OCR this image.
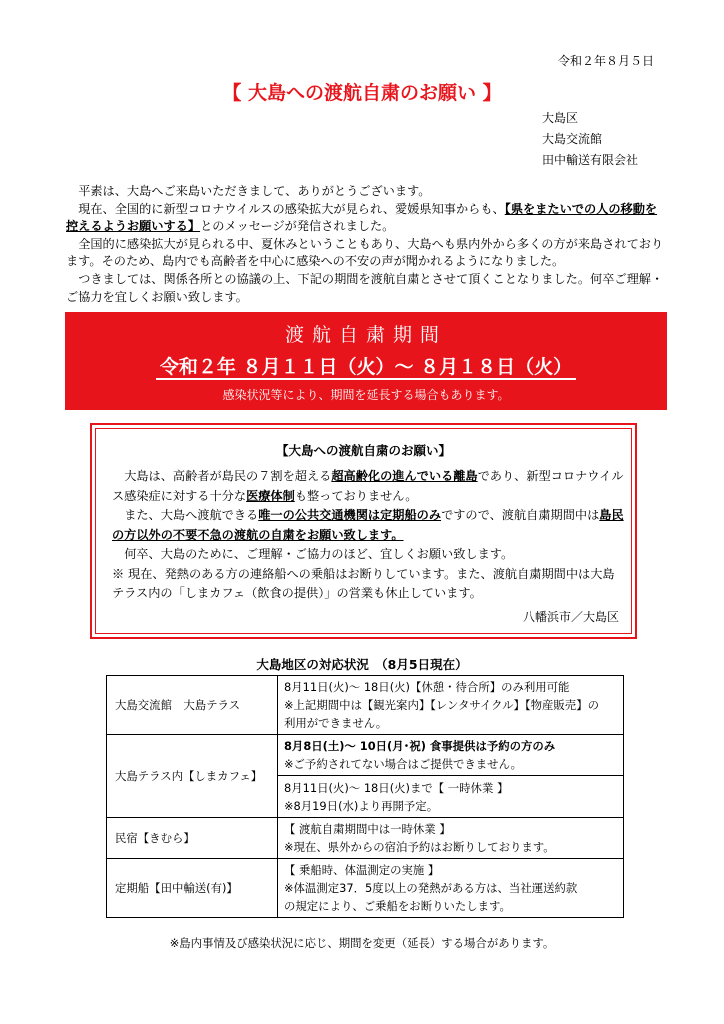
令和２年８月５日
【 大島への渡航自粛のお願い 】
大島区
大島交流館
田中輸送有限会社

平素は、大島へご来島いただきまして、ありがとうございます。

現在、全国的に新型コロナウイルスの感染拡大が見られ、愛媛県知事からも、【県をまたいでの人の移動を控えるようお願いする】とのメッセージが発信されました。

全国的に感染拡大が見られる中、夏休みということもあり、大島へも県内外から多くの方が来島されております。そのため、島内でも高齢者を中心に感染への不安の声が聞かれるようになりました。

つきましては、関係各所との協議の上、下記の期間を渡航自粛とさせて頂くことなりました。何卒ご理解・ご協力を宜しくお願い致します。

渡航自粛期間
令和２年 ８月１１日（火）～ ８月１８日（火）
感染状況等により、期間を延長する場合もあります。
【大島への渡航自粛のお願い】

大島は、高齢者が島民の７割を超える超高齢化の進んでいる離島であり、新型コロナウイルス感染症に対する十分な医療体制も整っておりません。

また、大島へ渡航できる唯一の公共交通機関は定期船のみですので、渡航自粛期間中は島民の方以外の不要不急の渡航の自粛をお願い致します。

何卒、大島のために、ご理解・ご協力のほど、宜しくお願い致します。

※ 現在、発熱のある方の連絡船への乗船はお断りしています。また、渡航自粛期間中は大島テラス内の「しまカフェ（飲食の提供）」の営業も休止しています。

八幡浜市／大島区
大島地区の対応状況　（8月5日現在）
大島交流館　大島テラス	8月11日(火)～ 18日(火)【休憩・待合所】のみ利用可能
※上記期間中は【観光案内】【レンタサイクル】【物産販売】の
利用ができません。

大島テラス内【しまカフェ】	8月8日(土)～ 10日(月･祝) 食事提供は予約の方のみ
※ご予約されてない場合はご提供できません。
8月11日(火)～ 18日(火)まで【 一時休業 】
※8月19日(水)より再開予定。

民宿【きむら】	【 渡航自粛期間中は一時休業 】
※現在、県外からの宿泊予約はお断りしております。

定期船【田中輸送(有)】	【 乗船時、体温測定の実施 】
※体温測定37．5度以上の発熱がある方は、当社運送約款
の規定により、ご乗船をお断りいたします。
※島内事情及び感染状況に応じ、期間を変更（延長）する場合があります。
